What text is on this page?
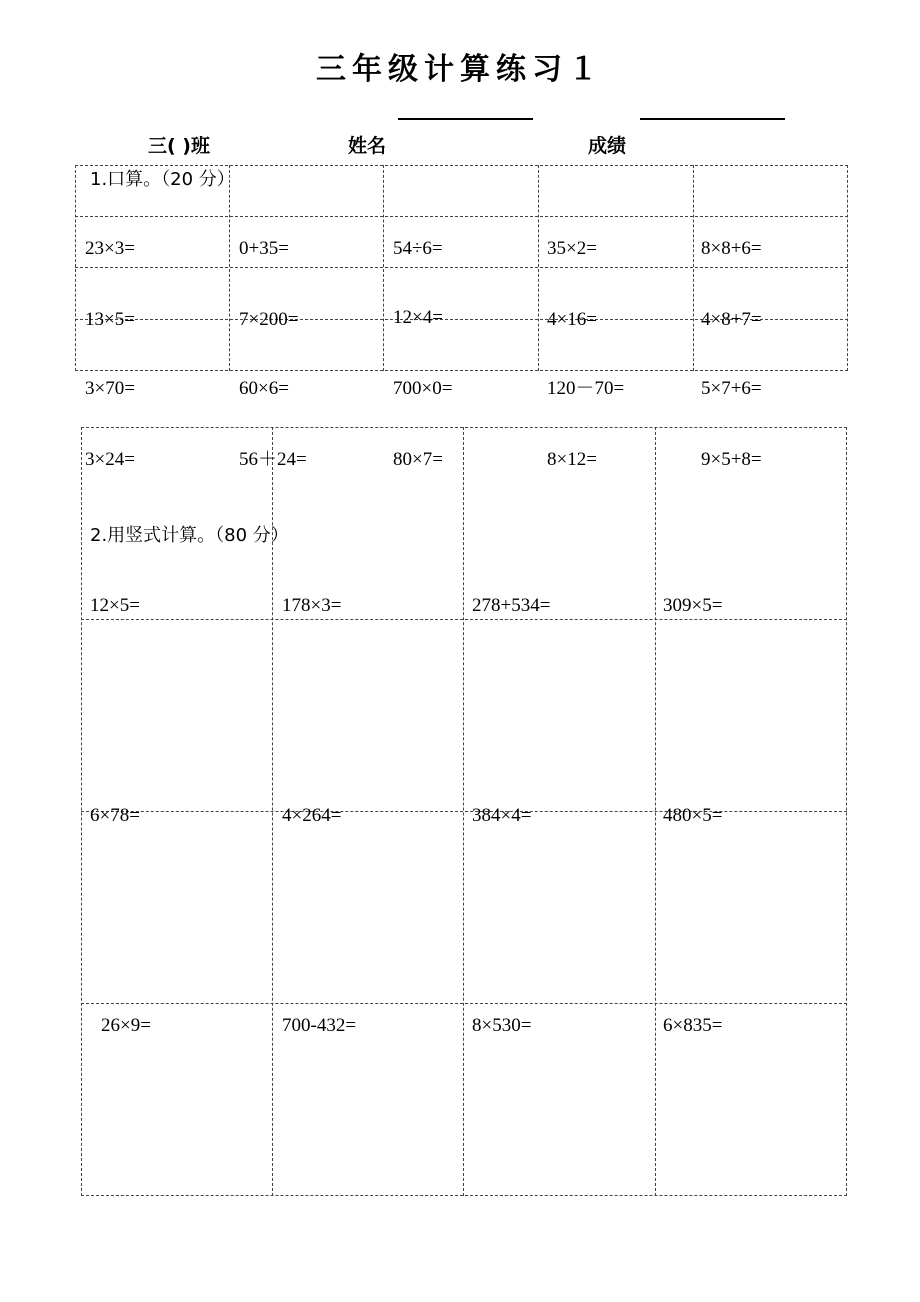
三年级计算练习１
三( )班	姓名	成绩
1.口算。（20 分）
23×3=	0+35=	54÷6=	35×2=	8×8+6=
13×5=	7×200=	12×4=	4×16=	4×8+7=
3×70=	60×6=	700×0=	120－70=	5×7+6=
3×24=	56＋24=	80×7=	8×12=	9×5+8=
2.用竖式计算。（80 分）
12×5=	178×3=	278+534=	309×5=
6×78=	4×264=	384×4=	480×5=
26×9=	700-432=	8×530=	6×835=
